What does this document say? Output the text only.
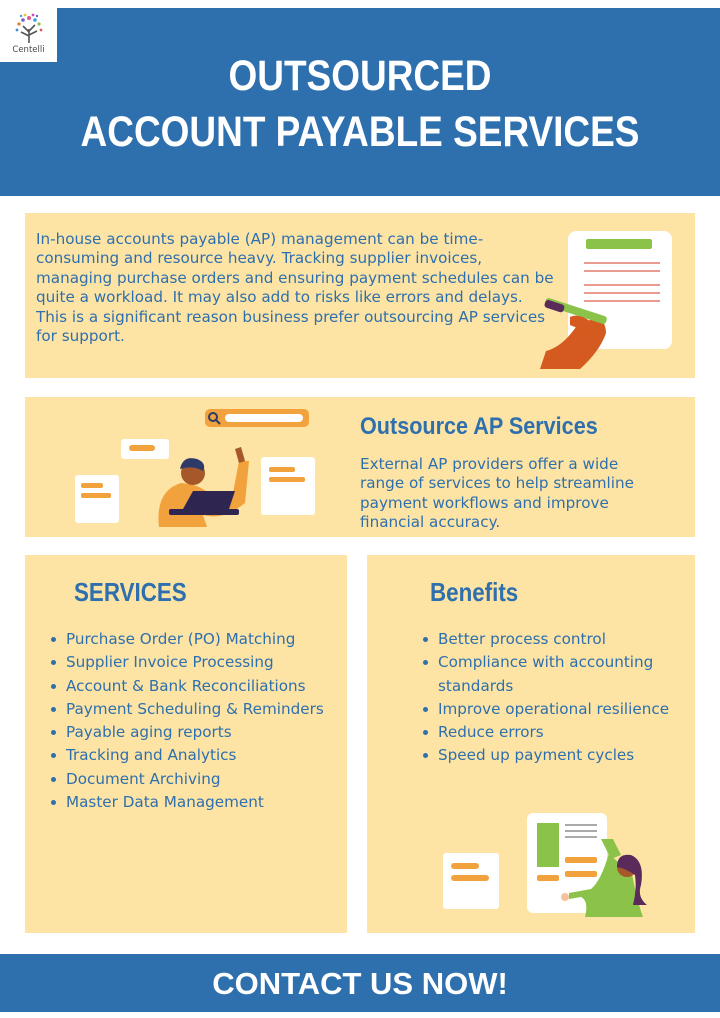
OUTSOURCED
ACCOUNT PAYABLE SERVICES
Centelli

In-house accounts payable (AP) management can be time-consuming and resource heavy. Tracking supplier invoices, managing purchase orders and ensuring payment schedules can be quite a workload. It may also add to risks like errors and delays.

This is a significant reason business prefer outsourcing AP services for support.

Outsource AP Services
External AP providers offer a wide range of services to help streamline payment workflows and improve financial accuracy.
SERVICES
Purchase Order (PO) Matching
Supplier Invoice Processing
Account & Bank Reconciliations
Payment Scheduling & Reminders
Payable aging reports
Tracking and Analytics
Document Archiving
Master Data Management
Benefits
Better process control
Compliance with accounting standards
Improve operational resilience
Reduce errors
Speed up payment cycles
CONTACT US NOW!
